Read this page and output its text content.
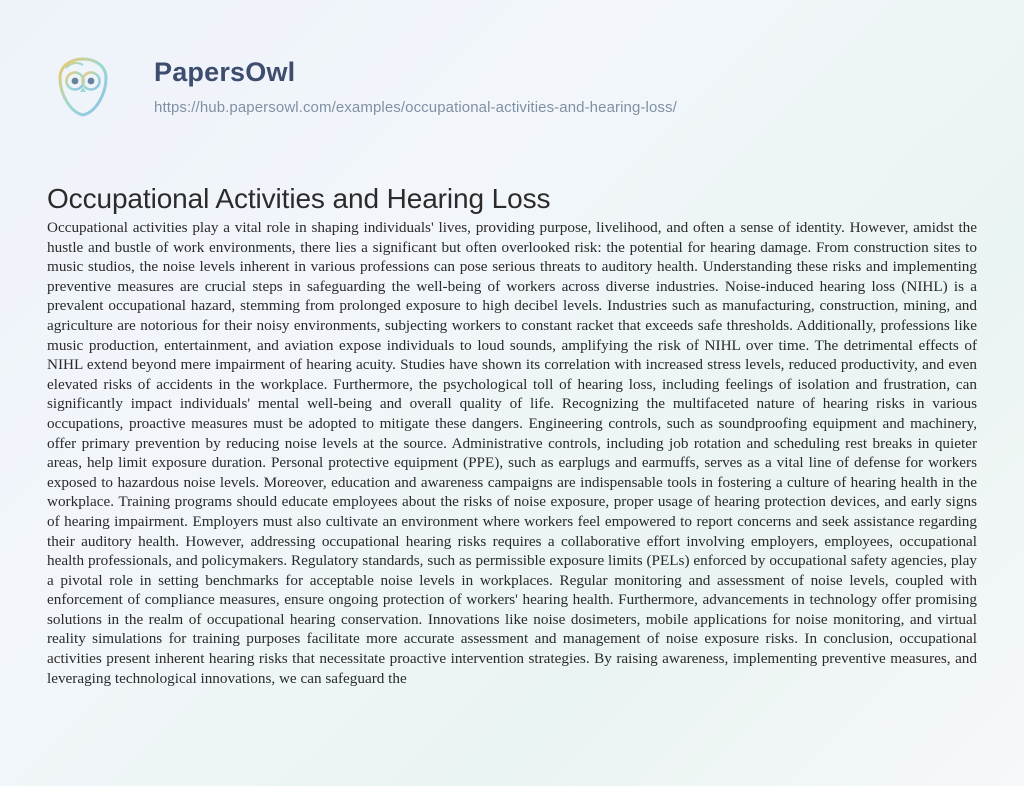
PapersOwl
https://hub.papersowl.com/examples/occupational-activities-and-hearing-loss/
Occupational Activities and Hearing Loss

Occupational activities play a vital role in shaping individuals' lives, providing purpose, livelihood, and often a sense of identity. However, amidst the hustle and bustle of work environments, there lies a significant but often overlooked risk: the potential for hearing damage. From construction sites to music studios, the noise levels inherent in various professions can pose serious threats to auditory health. Understanding these risks and implementing preventive measures are crucial steps in safeguarding the well-being of workers across diverse industries. Noise-induced hearing loss (NIHL) is a prevalent occupational hazard, stemming from prolonged exposure to high decibel levels. Industries such as manufacturing, construction, mining, and agriculture are notorious for their noisy environments, subjecting workers to constant racket that exceeds safe thresholds. Additionally, professions like music production, entertainment, and aviation expose individuals to loud sounds, amplifying the risk of NIHL over time. The detrimental effects of NIHL extend beyond mere impairment of hearing acuity. Studies have shown its correlation with increased stress levels, reduced productivity, and even elevated risks of accidents in the workplace. Furthermore, the psychological toll of hearing loss, including feelings of isolation and frustration, can significantly impact individuals' mental well-being and overall quality of life. Recognizing the multifaceted nature of hearing risks in various occupations, proactive measures must be adopted to mitigate these dangers. Engineering controls, such as soundproofing equipment and machinery, offer primary prevention by reducing noise levels at the source. Administrative controls, including job rotation and scheduling rest breaks in quieter areas, help limit exposure duration. Personal protective equipment (PPE), such as earplugs and earmuffs, serves as a vital line of defense for workers exposed to hazardous noise levels. Moreover, education and awareness campaigns are indispensable tools in fostering a culture of hearing health in the workplace. Training programs should educate employees about the risks of noise exposure, proper usage of hearing protection devices, and early signs of hearing impairment. Employers must also cultivate an environment where workers feel empowered to report concerns and seek assistance regarding their auditory health. However, addressing occupational hearing risks requires a collaborative effort involving employers, employees, occupational health professionals, and policymakers. Regulatory standards, such as permissible exposure limits (PELs) enforced by occupational safety agencies, play a pivotal role in setting benchmarks for acceptable noise levels in workplaces. Regular monitoring and assessment of noise levels, coupled with enforcement of compliance measures, ensure ongoing protection of workers' hearing health. Furthermore, advancements in technology offer promising solutions in the realm of occupational hearing conservation. Innovations like noise dosimeters, mobile applications for noise monitoring, and virtual reality simulations for training purposes facilitate more accurate assessment and management of noise exposure risks. In conclusion, occupational activities present inherent hearing risks that necessitate proactive intervention strategies. By raising awareness, implementing preventive measures, and leveraging technological innovations, we can safeguard the
